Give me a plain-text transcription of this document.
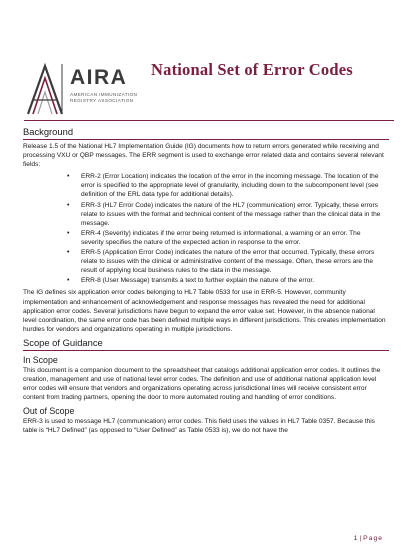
AIRA
AMERICAN IMMUNIZATION REGISTRY ASSOCIATION
National Set of Error Codes
Background

Release 1.5 of the National HL7 Implementation Guide (IG) documents how to return errors generated while receiving and processing VXU or QBP messages. The ERR segment is used to exchange error related data and contains several relevant fields:

• ERR-2 (Error Location) indicates the location of the error in the incoming message. The location of the error is specified to the appropriate level of granularity, including down to the subcomponent level (see definition of the ERL data type for additional details).
• ERR-3 (HL7 Error Code) indicates the nature of the HL7 (communication) error. Typically, these errors relate to issues with the format and technical content of the message rather than the clinical data in the message.
• ERR-4 (Severity) indicates if the error being returned is informational, a warning or an error. The severity specifies the nature of the expected action in response to the error.
• ERR-5 (Application Error Code) indicates the nature of the error that occurred. Typically, these errors relate to issues with the clinical or administrative content of the message. Often, these errors are the result of applying local business rules to the data in the message.
• ERR-8 (User Message) transmits a text to further explain the nature of the error.

The IG defines six application error codes belonging to HL7 Table 0533 for use in ERR-5. However, community implementation and enhancement of acknowledgement and response messages has revealed the need for additional application error codes. Several jurisdictions have begun to expand the error value set. However, in the absence national level coordination, the same error code has been defined multiple ways in different jurisdictions. This creates implementation hurdles for vendors and organizations operating in multiple jurisdictions.

Scope of Guidance
In Scope

This document is a companion document to the spreadsheet that catalogs additional application error codes. It outlines the creation, management and use of national level error codes. The definition and use of additional national application level error codes will ensure that vendors and organizations operating across jurisdictional lines will receive consistent error content from trading partners, opening the door to more automated routing and handling of error conditions.

Out of Scope

ERR-3 is used to message HL7 (communication) error codes. This field uses the values in HL7 Table 0357. Because this table is “HL7 Defined” (as opposed to “User Defined” as Table 0533 is), we do not have the

1 | Page
